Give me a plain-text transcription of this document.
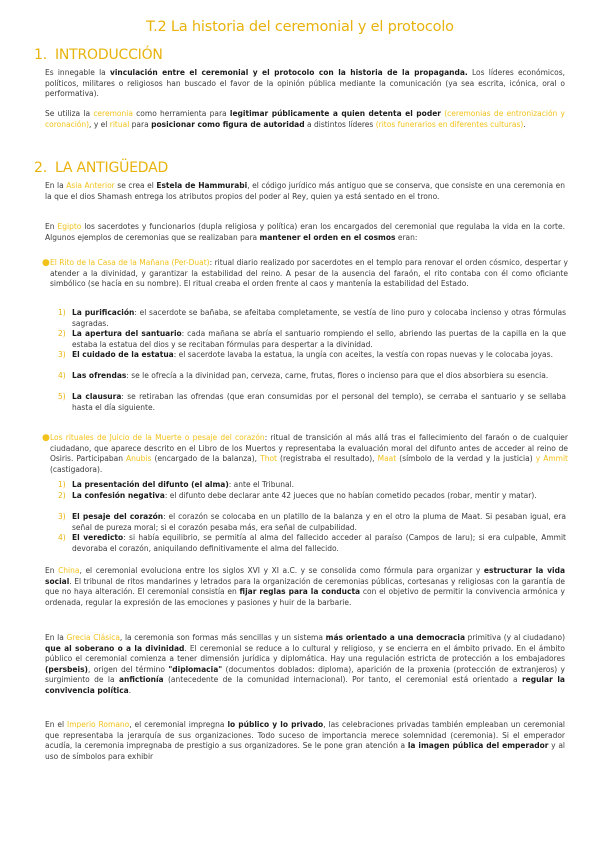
T.2 La historia del ceremonial y el protocolo
1. INTRODUCCIÓN
Es innegable la vinculación entre el ceremonial y el protocolo con la historia de la propaganda. Los líderes económicos, políticos, militares o religiosos han buscado el favor de la opinión pública mediante la comunicación (ya sea escrita, icónica, oral o performativa).
Se utiliza la ceremonia como herramienta para legitimar públicamente a quien detenta el poder (ceremonias de entronización y coronación), y el ritual para posicionar como figura de autoridad a distintos líderes (ritos funerarios en diferentes culturas).
2. LA ANTIGÜEDAD
En la Asia Anterior se crea el Estela de Hammurabi, el código jurídico más antiguo que se conserva, que consiste en una ceremonia en la que el dios Shamash entrega los atributos propios del poder al Rey, quien ya está sentado en el trono.
En Egipto los sacerdotes y funcionarios (dupla religiosa y política) eran los encargados del ceremonial que regulaba la vida en la corte. Algunos ejemplos de ceremonias que se realizaban para mantener el orden en el cosmos eran:
● El Rito de la Casa de la Mañana (Per-Duat): ritual diario realizado por sacerdotes en el templo para renovar el orden cósmico, despertar y atender a la divinidad, y garantizar la estabilidad del reino. A pesar de la ausencia del faraón, el rito contaba con él como oficiante simbólico (se hacía en su nombre). El ritual creaba el orden frente al caos y mantenía la estabilidad del Estado.
● Los rituales de Juicio de la Muerte o pesaje del corazón: ritual de transición al más allá tras el fallecimiento del faraón o de cualquier ciudadano, que aparece descrito en el Libro de los Muertos y representaba la evaluación moral del difunto antes de acceder al reino de Osiris. Participaban Anubis (encargado de la balanza), Thot (registraba el resultado), Maat (símbolo de la verdad y la justicia) y Ammit (castigadora).
En China, el ceremonial evoluciona entre los siglos XVI y XI a.C. y se consolida como fórmula para organizar y estructurar la vida social. El tribunal de ritos mandarines y letrados para la organización de ceremonias públicas, cortesanas y religiosas con la garantía de que no haya alteración. El ceremonial consistía en fijar reglas para la conducta con el objetivo de permitir la convivencia armónica y ordenada, regular la expresión de las emociones y pasiones y huir de la barbarie.
En la Grecia Clásica, la ceremonia son formas más sencillas y un sistema más orientado a una democracia primitiva (y al ciudadano) que al soberano o a la divinidad. El ceremonial se reduce a lo cultural y religioso, y se encierra en el ámbito privado. En el ámbito público el ceremonial comienza a tener dimensión jurídica y diplomática. Hay una regulación estricta de protección a los embajadores (persbeis), origen del término "diplomacia" (documentos doblados: diploma), aparición de la proxenia (protección de extranjeros) y surgimiento de la anfictionía (antecedente de la comunidad internacional). Por tanto, el ceremonial está orientado a regular la convivencia política.
En el Imperio Romano, el ceremonial impregna lo público y lo privado, las celebraciones privadas también empleaban un ceremonial que representaba la jerarquía de sus organizaciones. Todo suceso de importancia merece solemnidad (ceremonia). Si el emperador acudía, la ceremonia impregnaba de prestigio a sus organizadores. Se le pone gran atención a la imagen pública del emperador y al uso de símbolos para exhibir
1) La purificación: el sacerdote se bañaba, se afeitaba completamente, se vestía de lino puro y colocaba incienso y otras fórmulas sagradas.
2) La apertura del santuario: cada mañana se abría el santuario rompiendo el sello, abriendo las puertas de la capilla en la que estaba la estatua del dios y se recitaban fórmulas para despertar a la divinidad.
3) El cuidado de la estatua: el sacerdote lavaba la estatua, la ungía con aceites, la vestía con ropas nuevas y le colocaba joyas.
4) Las ofrendas: se le ofrecía a la divinidad pan, cerveza, carne, frutas, flores o incienso para que el dios absorbiera su esencia.
5) La clausura: se retiraban las ofrendas (que eran consumidas por el personal del templo), se cerraba el santuario y se sellaba hasta el día siguiente.
1) La presentación del difunto (el alma): ante el Tribunal.
2) La confesión negativa: el difunto debe declarar ante 42 jueces que no habían cometido pecados (robar, mentir y matar).
3) El pesaje del corazón: el corazón se colocaba en un platillo de la balanza y en el otro la pluma de Maat. Si pesaban igual, era señal de pureza moral; si el corazón pesaba más, era señal de culpabilidad.
4) El veredicto: si había equilibrio, se permitía al alma del fallecido acceder al paraíso (Campos de Iaru); si era culpable, Ammit devoraba el corazón, aniquilando definitivamente el alma del fallecido.
